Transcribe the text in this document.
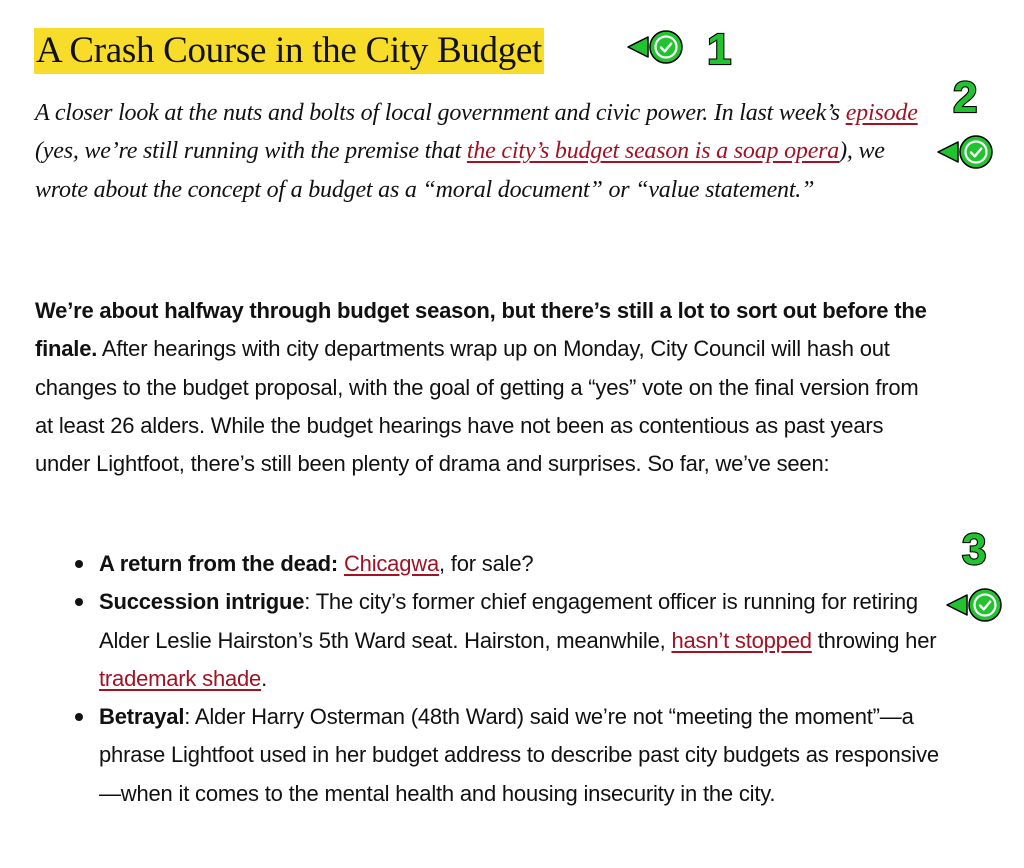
A Crash Course in the City Budget

A closer look at the nuts and bolts of local government and civic power. In last week’s episode (yes, we’re still running with the premise that the city’s budget season is a soap opera), we wrote about the concept of a budget as a “moral document” or “value statement.”

We’re about halfway through budget season, but there’s still a lot to sort out before the finale. After hearings with city departments wrap up on Monday, City Council will hash out changes to the budget proposal, with the goal of getting a “yes” vote on the final version from at least 26 alders. While the budget hearings have not been as contentious as past years under Lightfoot, there’s still been plenty of drama and surprises. So far, we’ve seen:

A return from the dead: Chicagwa, for sale?
Succession intrigue: The city’s former chief engagement officer is running for retiring Alder Leslie Hairston’s 5th Ward seat. Hairston, meanwhile, hasn’t stopped throwing her trademark shade.
Betrayal: Alder Harry Osterman (48th Ward) said we’re not “meeting the moment”—a phrase Lightfoot used in her budget address to describe past city budgets as responsive—when it comes to the mental health and housing insecurity in the city.
1
2
3
